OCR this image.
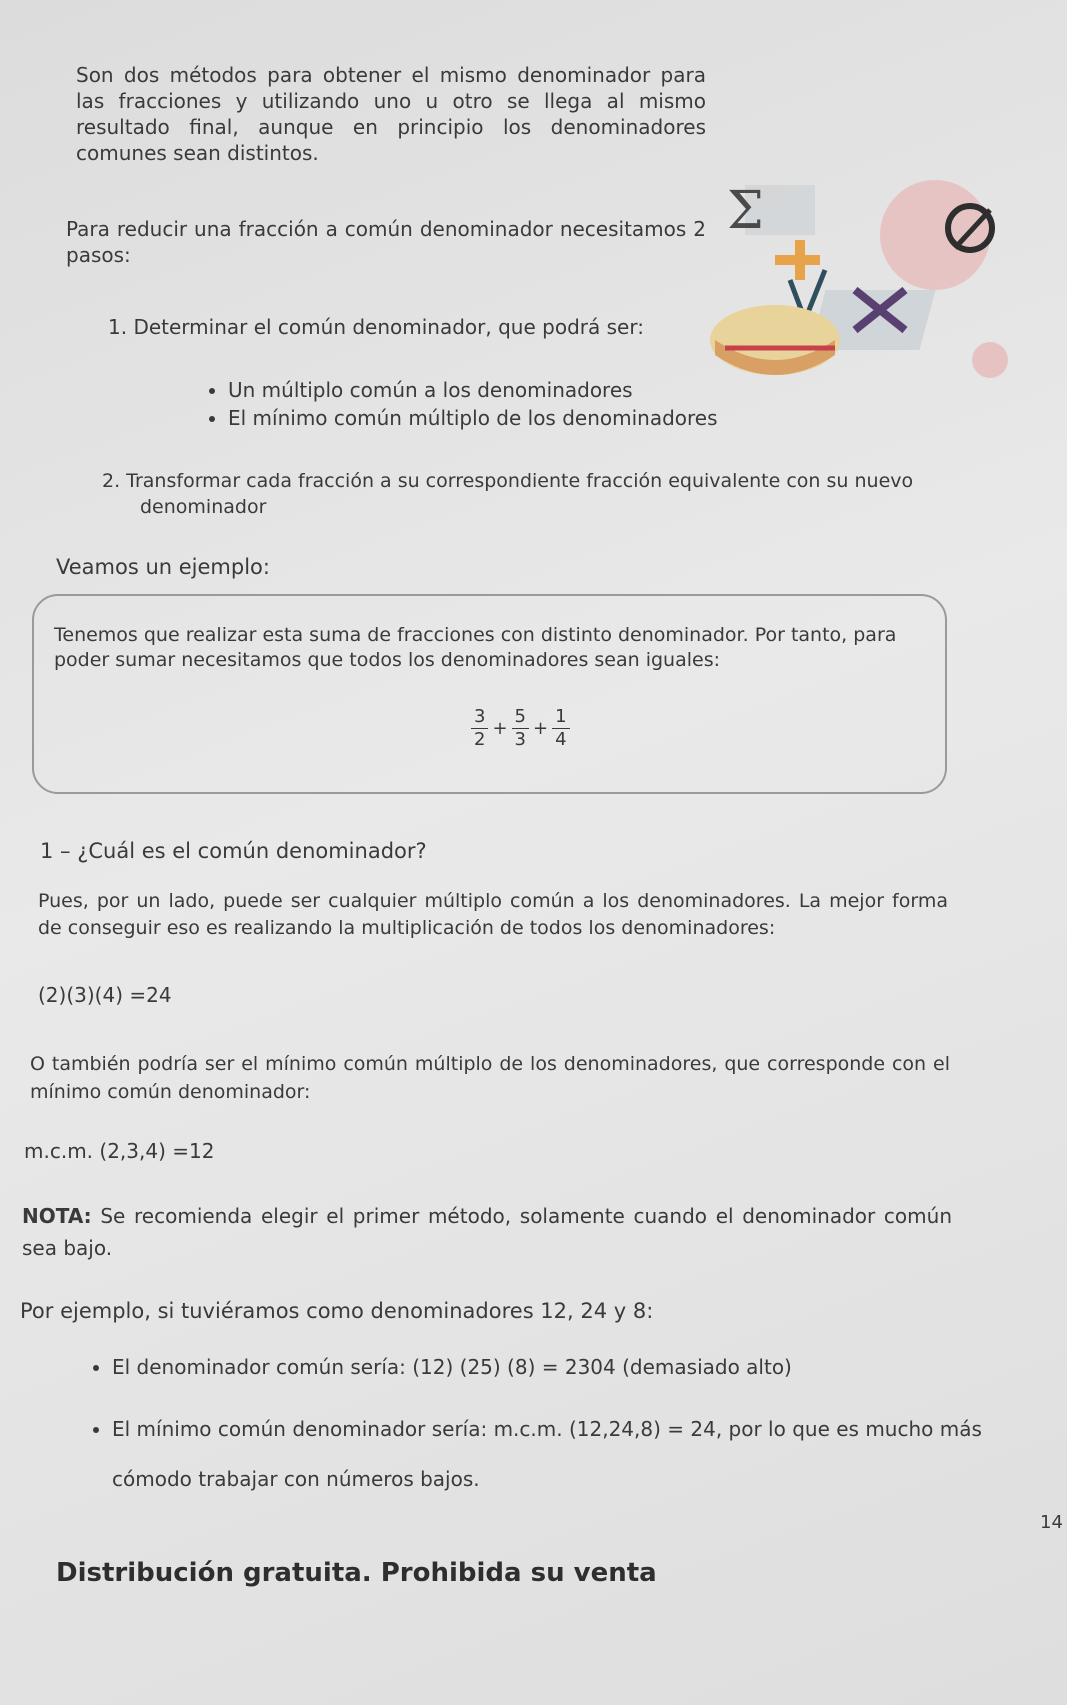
Son dos métodos para obtener el mismo denominador para las fracciones y utilizando uno u otro se llega al mismo resultado final, aunque en principio los denominadores comunes sean distintos.

Para reducir una fracción a común denominador necesitamos 2 pasos:

1. Determinar el común denominador, que podrá ser:

• Un múltiplo común a los denominadores
• El mínimo común múltiplo de los denominadores

2. Transformar cada fracción a su correspondiente fracción equivalente con su nuevo

denominador

Veamos un ejemplo:

Tenemos que realizar esta suma de fracciones con distinto denominador. Por tanto, para poder sumar necesitamos que todos los denominadores sean iguales:

$\frac{3}{2} + \frac{5}{3} + \frac{1}{4}$

1 – ¿Cuál es el común denominador?

Pues, por un lado, puede ser cualquier múltiplo común a los denominadores. La mejor forma de conseguir eso es realizando la multiplicación de todos los denominadores:

(2)(3)(4) =24

O también podría ser el mínimo común múltiplo de los denominadores, que corresponde con el mínimo común denominador:

m.c.m. (2,3,4) =12

NOTA: Se recomienda elegir el primer método, solamente cuando el denominador común sea bajo.

Por ejemplo, si tuviéramos como denominadores 12, 24 y 8:

• El denominador común sería: (12) (25) (8) = 2304 (demasiado alto)
• El mínimo común denominador sería: m.c.m. (12,24,8) = 24, por lo que es mucho más cómodo trabajar con números bajos.
14
Distribución gratuita. Prohibida su venta
Σ
